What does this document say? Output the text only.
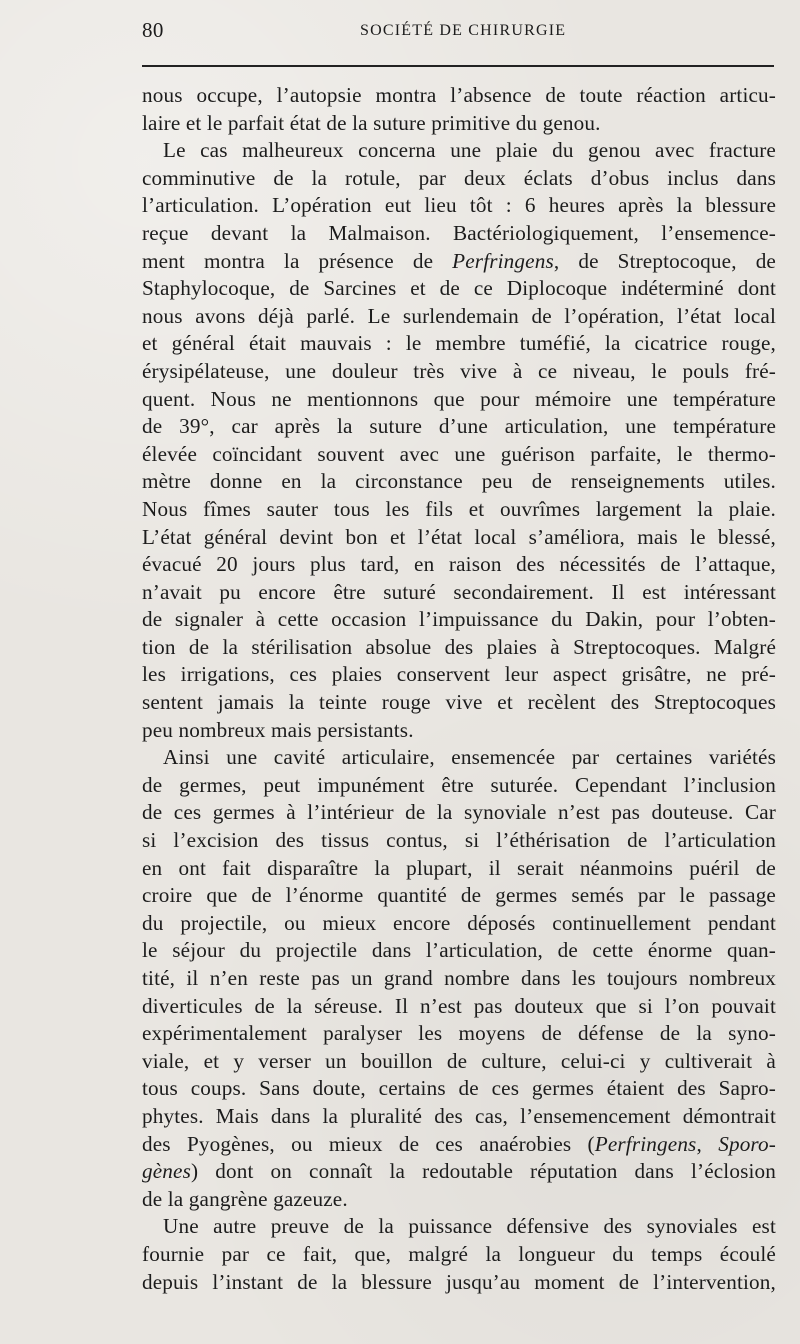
80	SOCIÉTÉ DE CHIRURGIE
nous occupe, l’autopsie montra l’absence de toute réaction articu-
laire et le parfait état de la suture primitive du genou.
Le cas malheureux concerna une plaie du genou avec fracture
comminutive de la rotule, par deux éclats d’obus inclus dans
l’articulation. L’opération eut lieu tôt : 6 heures après la blessure
reçue devant la Malmaison. Bactériologiquement, l’ensemence-
ment montra la présence de Perfringens, de Streptocoque, de
Staphylocoque, de Sarcines et de ce Diplocoque indéterminé dont
nous avons déjà parlé. Le surlendemain de l’opération, l’état local
et général était mauvais : le membre tuméfié, la cicatrice rouge,
érysipélateuse, une douleur très vive à ce niveau, le pouls fré-
quent. Nous ne mentionnons que pour mémoire une température
de 39°, car après la suture d’une articulation, une température
élevée coïncidant souvent avec une guérison parfaite, le thermo-
mètre donne en la circonstance peu de renseignements utiles.
Nous fîmes sauter tous les fils et ouvrîmes largement la plaie.
L’état général devint bon et l’état local s’améliora, mais le blessé,
évacué 20 jours plus tard, en raison des nécessités de l’attaque,
n’avait pu encore être suturé secondairement. Il est intéressant
de signaler à cette occasion l’impuissance du Dakin, pour l’obten-
tion de la stérilisation absolue des plaies à Streptocoques. Malgré
les irrigations, ces plaies conservent leur aspect grisâtre, ne pré-
sentent jamais la teinte rouge vive et recèlent des Streptocoques
peu nombreux mais persistants.
Ainsi une cavité articulaire, ensemencée par certaines variétés
de germes, peut impunément être suturée. Cependant l’inclusion
de ces germes à l’intérieur de la synoviale n’est pas douteuse. Car
si l’excision des tissus contus, si l’éthérisation de l’articulation
en ont fait disparaître la plupart, il serait néanmoins puéril de
croire que de l’énorme quantité de germes semés par le passage
du projectile, ou mieux encore déposés continuellement pendant
le séjour du projectile dans l’articulation, de cette énorme quan-
tité, il n’en reste pas un grand nombre dans les toujours nombreux
diverticules de la séreuse. Il n’est pas douteux que si l’on pouvait
expérimentalement paralyser les moyens de défense de la syno-
viale, et y verser un bouillon de culture, celui-ci y cultiverait à
tous coups. Sans doute, certains de ces germes étaient des Sapro-
phytes. Mais dans la pluralité des cas, l’ensemencement démontrait
des Pyogènes, ou mieux de ces anaérobies (Perfringens, Sporo-
gènes) dont on connaît la redoutable réputation dans l’éclosion
de la gangrène gazeuze.
Une autre preuve de la puissance défensive des synoviales est
fournie par ce fait, que, malgré la longueur du temps écoulé
depuis l’instant de la blessure jusqu’au moment de l’intervention,
